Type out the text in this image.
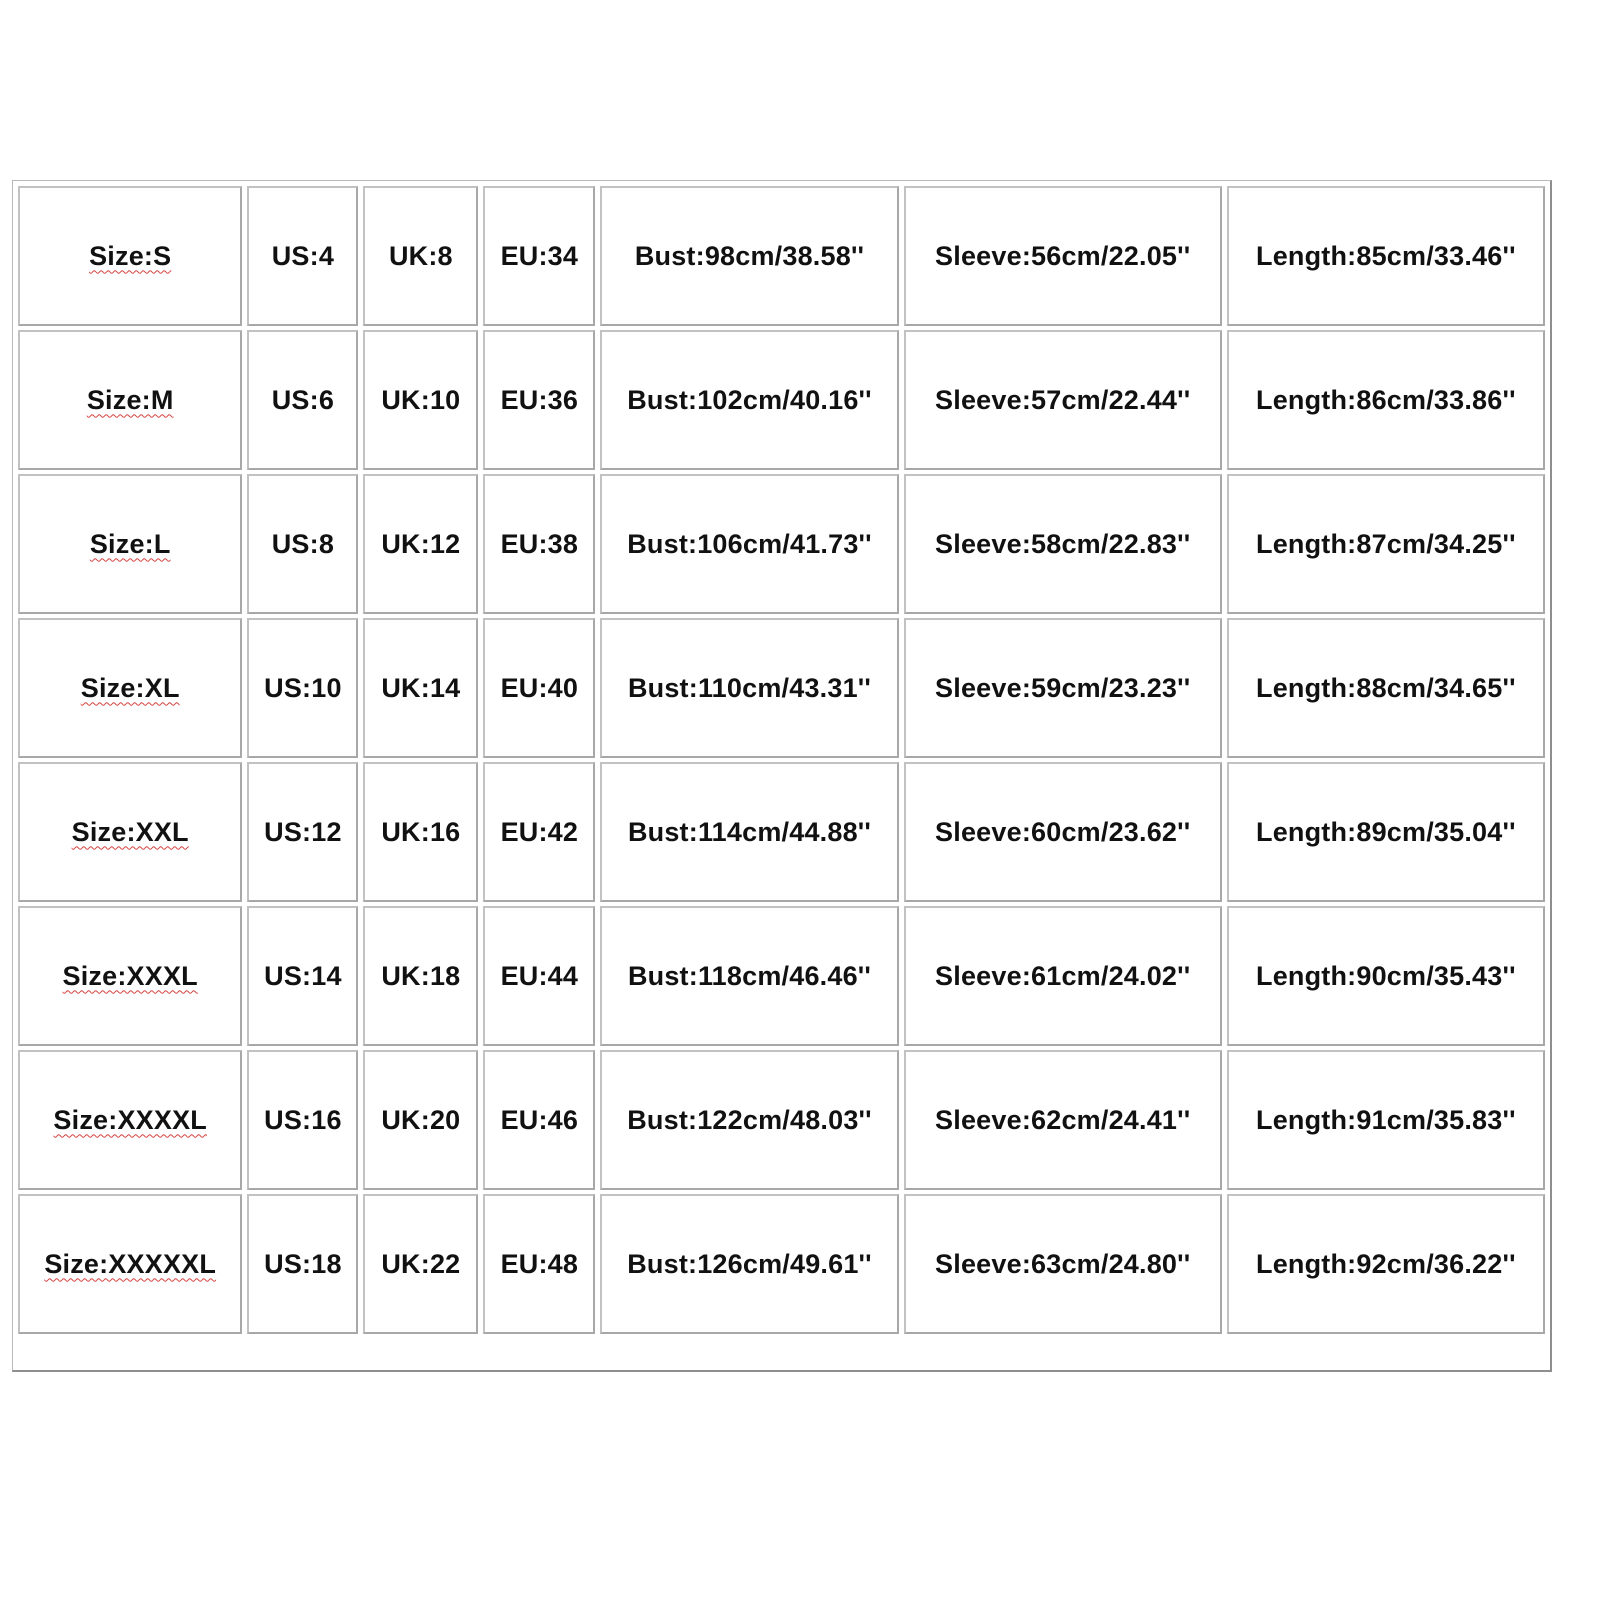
Size:S	US:4	UK:8	EU:34	Bust:98cm/38.58''	Sleeve:56cm/22.05''	Length:85cm/33.46''
Size:M	US:6	UK:10	EU:36	Bust:102cm/40.16''	Sleeve:57cm/22.44''	Length:86cm/33.86''
Size:L	US:8	UK:12	EU:38	Bust:106cm/41.73''	Sleeve:58cm/22.83''	Length:87cm/34.25''
Size:XL	US:10	UK:14	EU:40	Bust:110cm/43.31''	Sleeve:59cm/23.23''	Length:88cm/34.65''
Size:XXL	US:12	UK:16	EU:42	Bust:114cm/44.88''	Sleeve:60cm/23.62''	Length:89cm/35.04''
Size:XXXL	US:14	UK:18	EU:44	Bust:118cm/46.46''	Sleeve:61cm/24.02''	Length:90cm/35.43''
Size:XXXXL	US:16	UK:20	EU:46	Bust:122cm/48.03''	Sleeve:62cm/24.41''	Length:91cm/35.83''
Size:XXXXXL	US:18	UK:22	EU:48	Bust:126cm/49.61''	Sleeve:63cm/24.80''	Length:92cm/36.22''
